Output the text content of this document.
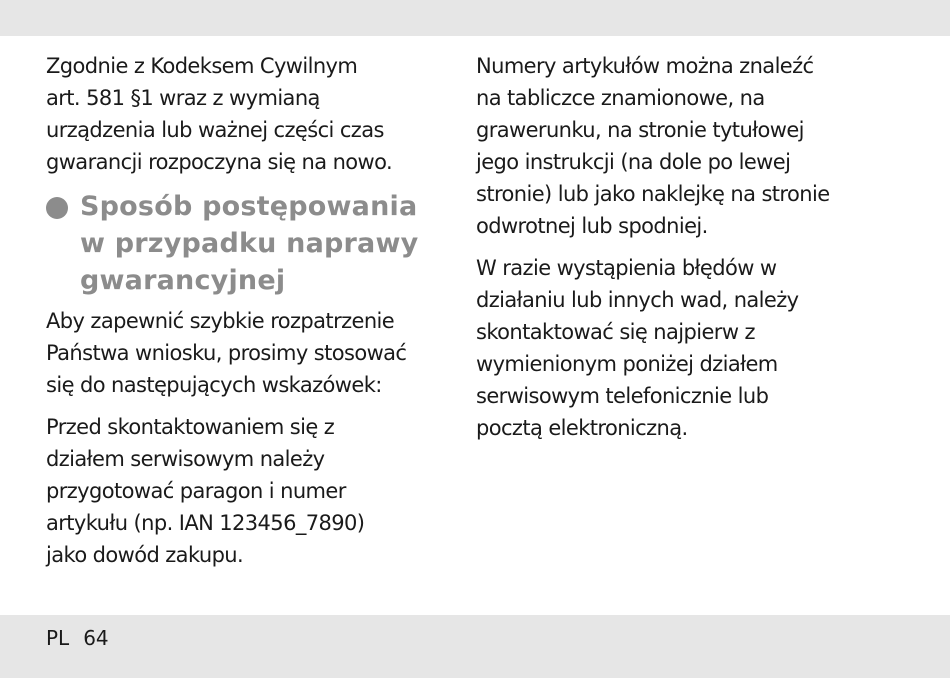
Zgodnie z Kodeksem Cywilnym
art. 581 §1 wraz z wymianą
urządzenia lub ważnej części czas
gwarancji rozpoczyna się na nowo.

Sposób postępowania
w przypadku naprawy
gwarancyjnej

Aby zapewnić szybkie rozpatrzenie
Państwa wniosku, prosimy stosować
się do następujących wskazówek:

Przed skontaktowaniem się z
działem serwisowym należy
przygotować paragon i numer
artykułu (np. IAN 123456_7890)
jako dowód zakupu.

Numery artykułów można znaleźć
na tabliczce znamionowe, na
grawerunku, na stronie tytułowej
jego instrukcji (na dole po lewej
stronie) lub jako naklejkę na stronie
odwrotnej lub spodniej.

W razie wystąpienia błędów w
działaniu lub innych wad, należy
skontaktować się najpierw z
wymienionym poniżej działem
serwisowym telefonicznie lub
pocztą elektroniczną.

PL 64
